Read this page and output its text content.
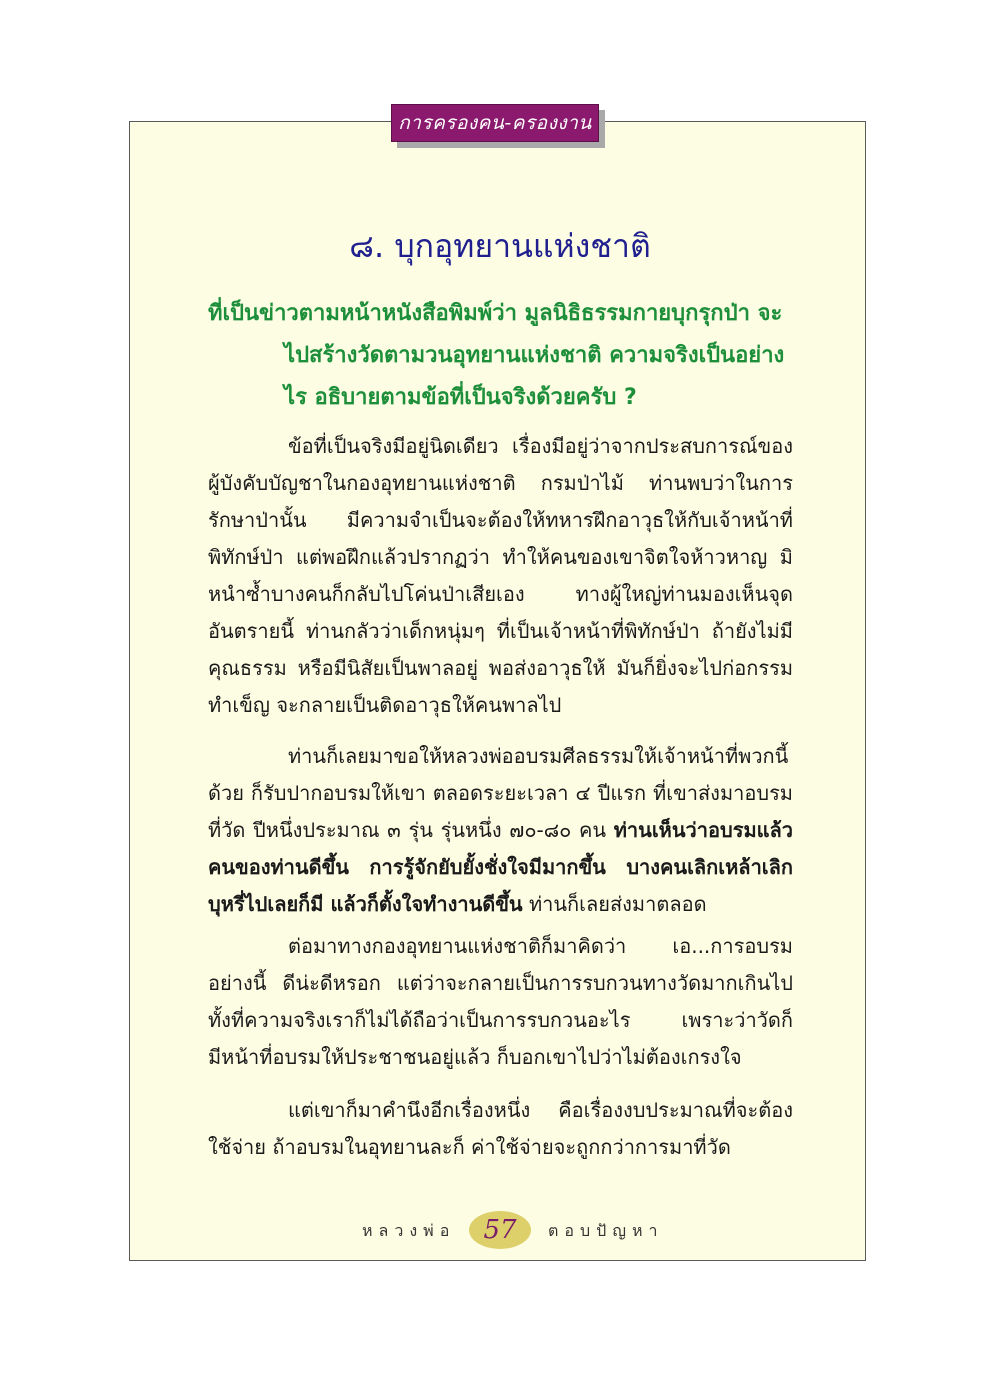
การครองคน-ครองงาน
๘. บุกอุทยานแห่งชาติ
ที่เป็นข่าวตามหน้าหนังสือพิมพ์ว่า มูลนิธิธรรมกายบุกรุกป่า จะ
ไปสร้างวัดตามวนอุทยานแห่งชาติ ความจริงเป็นอย่าง
ไร อธิบายตามข้อที่เป็นจริงด้วยครับ ?

ข้อที่เป็นจริงมีอยู่นิดเดียว เรื่องมีอยู่ว่าจากประสบการณ์ของผู้บังคับบัญชาในกองอุทยานแห่งชาติ กรมป่าไม้ ท่านพบว่าในการรักษาป่านั้น มีความจำเป็นจะต้องให้ทหารฝึกอาวุธให้กับเจ้าหน้าที่พิทักษ์ป่า แต่พอฝึกแล้วปรากฏว่า ทำให้คนของเขาจิตใจห้าวหาญ มิหนำซ้ำบางคนก็กลับไปโค่นป่าเสียเอง ทางผู้ใหญ่ท่านมองเห็นจุดอันตรายนี้ ท่านกลัวว่าเด็กหนุ่มๆ ที่เป็นเจ้าหน้าที่พิทักษ์ป่า ถ้ายังไม่มีคุณธรรม หรือมีนิสัยเป็นพาลอยู่ พอส่งอาวุธให้ มันก็ยิ่งจะไปก่อกรรมทำเข็ญ จะกลายเป็นติดอาวุธให้คนพาลไป

ท่านก็เลยมาขอให้หลวงพ่ออบรมศีลธรรมให้เจ้าหน้าที่พวกนี้ด้วย ก็รับปากอบรมให้เขา ตลอดระยะเวลา ๔ ปีแรก ที่เขาส่งมาอบรมที่วัด ปีหนึ่งประมาณ ๓ รุ่น รุ่นหนึ่ง ๗๐-๘๐ คน ท่านเห็นว่าอบรมแล้วคนของท่านดีขึ้น การรู้จักยับยั้งชั่งใจมีมากขึ้น บางคนเลิกเหล้าเลิกบุหรี่ไปเลยก็มี แล้วก็ตั้งใจทำงานดีขึ้น ท่านก็เลยส่งมาตลอด

ต่อมาทางกองอุทยานแห่งชาติก็มาคิดว่า เอ...การอบรมอย่างนี้ ดีน่ะดีหรอก แต่ว่าจะกลายเป็นการรบกวนทางวัดมากเกินไป ทั้งที่ความจริงเราก็ไม่ได้ถือว่าเป็นการรบกวนอะไร เพราะว่าวัดก็มีหน้าที่อบรมให้ประชาชนอยู่แล้ว ก็บอกเขาไปว่าไม่ต้องเกรงใจ

แต่เขาก็มาคำนึงอีกเรื่องหนึ่ง คือเรื่องงบประมาณที่จะต้องใช้จ่าย ถ้าอบรมในอุทยานละก็ ค่าใช้จ่ายจะถูกกว่าการมาที่วัด

หลวงพ่อ	57	ตอบปัญหา
